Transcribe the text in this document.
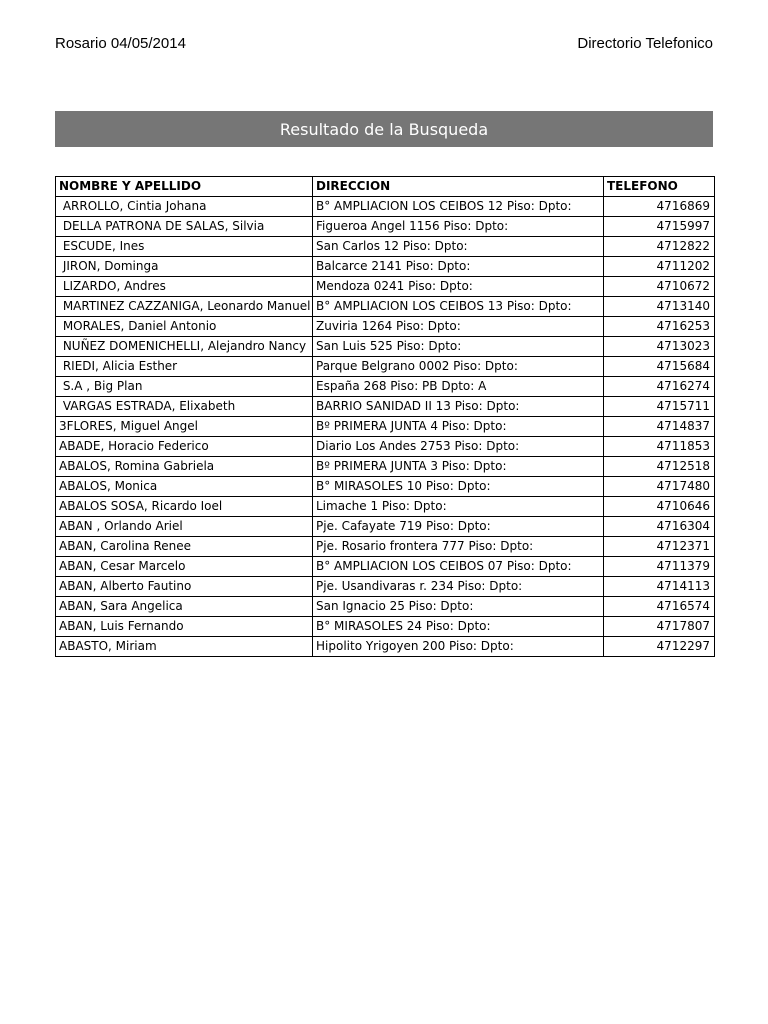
Rosario 04/05/2014	Directorio Telefonico
Resultado de la Busqueda
NOMBRE Y APELLIDO	DIRECCION	TELEFONO
ARROLLO, Cintia Johana	B° AMPLIACION LOS CEIBOS 12 Piso: Dpto:	4716869
DELLA PATRONA DE SALAS, Silvia	Figueroa Angel 1156 Piso: Dpto:	4715997
ESCUDE, Ines	San Carlos 12 Piso: Dpto:	4712822
JIRON, Dominga	Balcarce 2141 Piso: Dpto:	4711202
LIZARDO, Andres	Mendoza 0241 Piso: Dpto:	4710672
MARTINEZ CAZZANIGA, Leonardo Manuel	B° AMPLIACION LOS CEIBOS 13 Piso: Dpto:	4713140
MORALES, Daniel Antonio	Zuviria 1264 Piso: Dpto:	4716253
NUÑEZ DOMENICHELLI, Alejandro Nancy	San Luis 525 Piso: Dpto:	4713023
RIEDI, Alicia Esther	Parque Belgrano 0002 Piso: Dpto:	4715684
S.A , Big Plan	España 268 Piso: PB Dpto: A	4716274
VARGAS ESTRADA, Elixabeth	BARRIO SANIDAD II 13 Piso: Dpto:	4715711
3FLORES, Miguel Angel	Bº PRIMERA JUNTA 4 Piso: Dpto:	4714837
ABADE, Horacio Federico	Diario Los Andes 2753 Piso: Dpto:	4711853
ABALOS, Romina Gabriela	Bº PRIMERA JUNTA 3 Piso: Dpto:	4712518
ABALOS, Monica	B° MIRASOLES 10 Piso: Dpto:	4717480
ABALOS SOSA, Ricardo Ioel	Limache 1 Piso: Dpto:	4710646
ABAN , Orlando Ariel	Pje. Cafayate 719 Piso: Dpto:	4716304
ABAN, Carolina Renee	Pje. Rosario frontera 777 Piso: Dpto:	4712371
ABAN, Cesar Marcelo	B° AMPLIACION LOS CEIBOS 07 Piso: Dpto:	4711379
ABAN, Alberto Fautino	Pje. Usandivaras r. 234 Piso: Dpto:	4714113
ABAN, Sara Angelica	San Ignacio 25 Piso: Dpto:	4716574
ABAN, Luis Fernando	B° MIRASOLES 24 Piso: Dpto:	4717807
ABASTO, Miriam	Hipolito Yrigoyen 200 Piso: Dpto:	4712297
